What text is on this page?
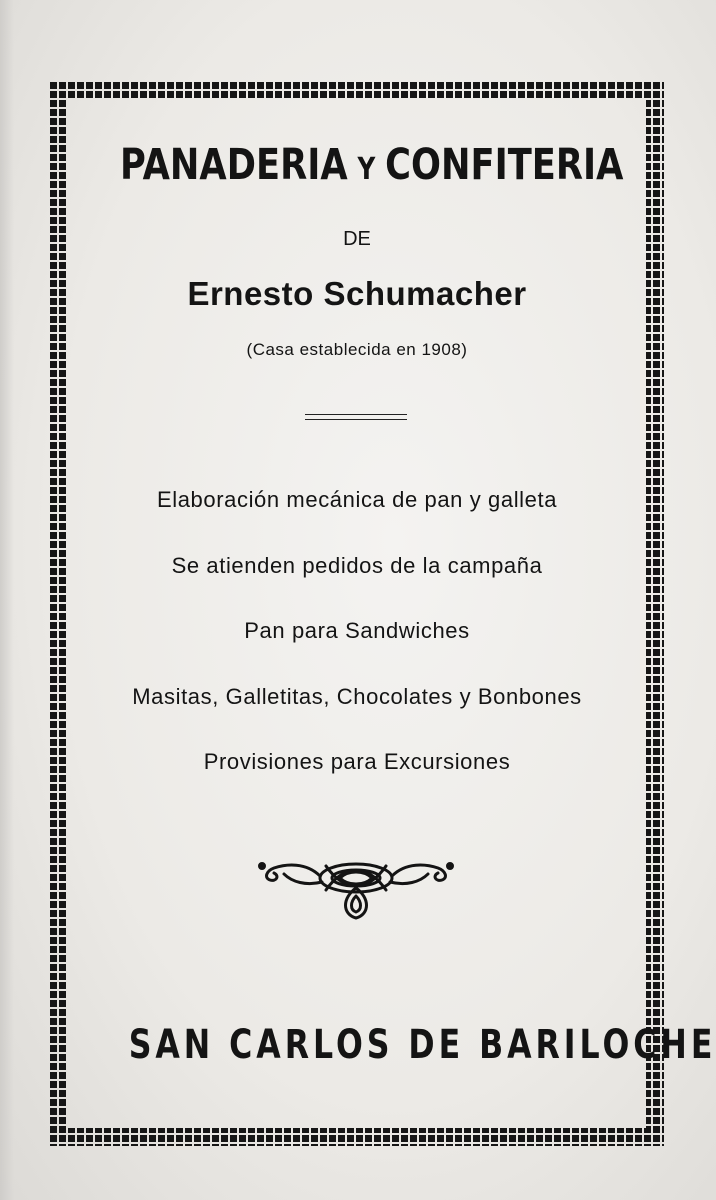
PANADERIA Y CONFITERIA
DE
Ernesto Schumacher
(Casa establecida en 1908)
Elaboración mecánica de pan y galleta
Se atienden pedidos de la campaña
Pan para Sandwiches
Masitas, Galletitas, Chocolates y Bonbones
Provisiones para Excursiones
SAN CARLOS DE BARILOCHE
